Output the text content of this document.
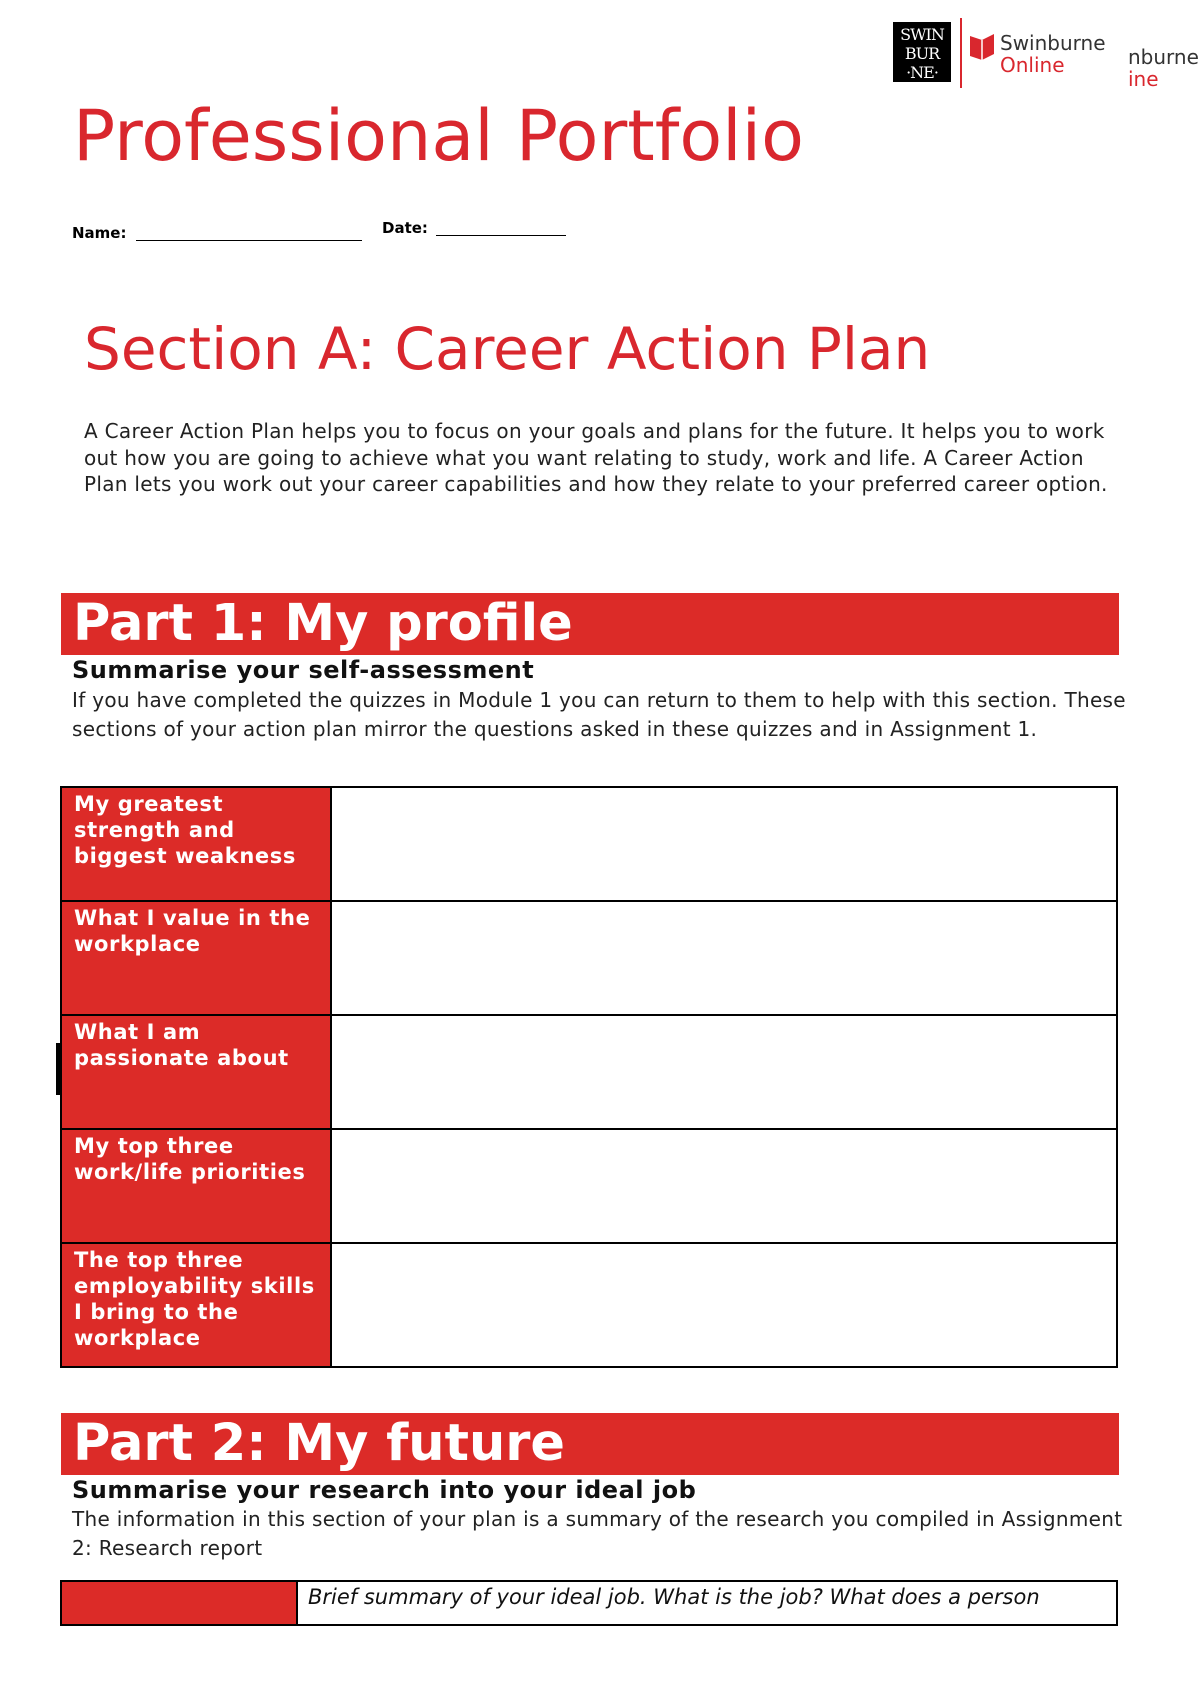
SWIN
BUR
·NE·
Swinburne
Online	nburne
ine
Professional Portfolio
Name:	Date:
Section A: Career Action Plan

A Career Action Plan helps you to focus on your goals and plans for the future. It helps you to work out how you are going to achieve what you want relating to study, work and life. A Career Action Plan lets you work out your career capabilities and how they relate to your preferred career option.

Part 1: My profile
Summarise your self-assessment

If you have completed the quizzes in Module 1 you can return to them to help with this section. These sections of your action plan mirror the questions asked in these quizzes and in Assignment 1.

My greatest strength and biggest weakness
What I value in the workplace
What I am passionate about
My top three work/life priorities
The top three employability skills I bring to the workplace
Part 2: My future
Summarise your research into your ideal job

The information in this section of your plan is a summary of the research you compiled in Assignment 2: Research report

Brief summary of your ideal job. What is the job? What does a person
